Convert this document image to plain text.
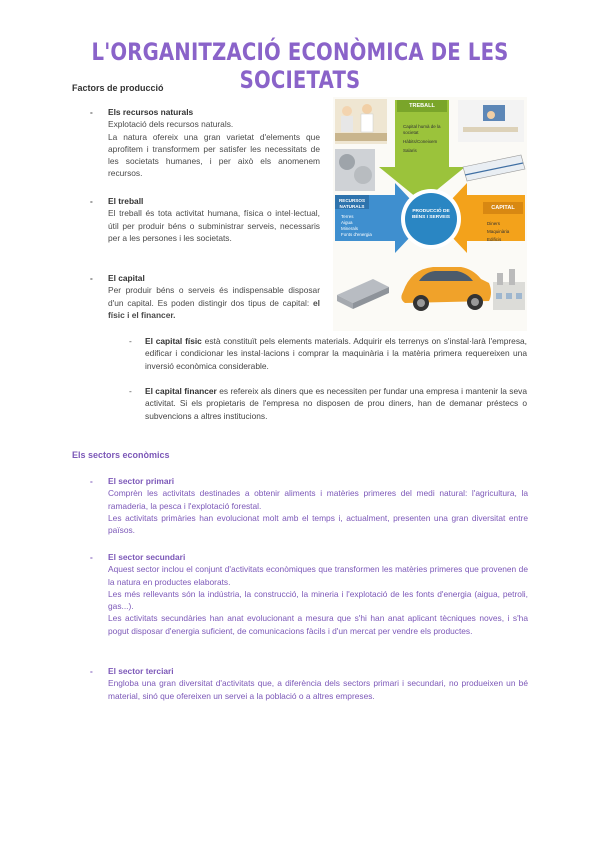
L'ORGANITZACIÓ ECONÒMICA DE LES SOCIETATS
Factors de producció
- Els recursos naturals

Explotació dels recursos naturals.

La natura ofereix una gran varietat d'elements que aprofitem i transformem per satisfer les necessitats de les societats humanes, i per això els anomenem recursos.

- El treball

El treball és tota activitat humana, física o intel·lectual, útil per produir béns o subministrar serveis, necessaris per a les persones i les societats.

- El capital

Per produir béns o serveis és indispensable disposar d'un capital. Es poden distingir dos tipus de capital: el físic i el financer.

- El capital físic està constituït pels elements materials. Adquirir els terrenys on s'instal·larà l'empresa, edificar i condicionar les instal·lacions i comprar la maquinària i la matèria primera requereixen una inversió econòmica considerable.
- El capital financer es refereix als diners que es necessiten per fundar una empresa i mantenir la seva activitat. Si els propietaris de l'empresa no disposen de prou diners, han de demanar préstecs o subvencions a altres institucions.
TREBALL
Capital humà de la societat
Hàbits/Coneixem
Salaris
RECURSOS NATURALS
Terres
Aigua
Minerals
Fonts d'energia
CAPITAL
Diners
Maquinària
Edificis
PRODUCCIÓ DE BÉNS I SERVEIS
Els sectors econòmics
- El sector primari

Comprèn les activitats destinades a obtenir aliments i matèries primeres del medi natural: l'agricultura, la ramaderia, la pesca i l'explotació forestal.

Les activitats primàries han evolucionat molt amb el temps i, actualment, presenten una gran diversitat entre països.

- El sector secundari

Aquest sector inclou el conjunt d'activitats econòmiques que transformen les matèries primeres que provenen de la natura en productes elaborats.

Les més rellevants són la indústria, la construcció, la mineria i l'explotació de les fonts d'energia (aigua, petroli, gas...).

Les activitats secundàries han anat evolucionant a mesura que s'hi han anat aplicant tècniques noves, i s'ha pogut disposar d'energia suficient, de comunicacions fàcils i d'un mercat per vendre els productes.

- El sector terciari

Engloba una gran diversitat d'activitats que, a diferència dels sectors primari i secundari, no produeixen un bé material, sinó que ofereixen un servei a la població o a altres empreses.
